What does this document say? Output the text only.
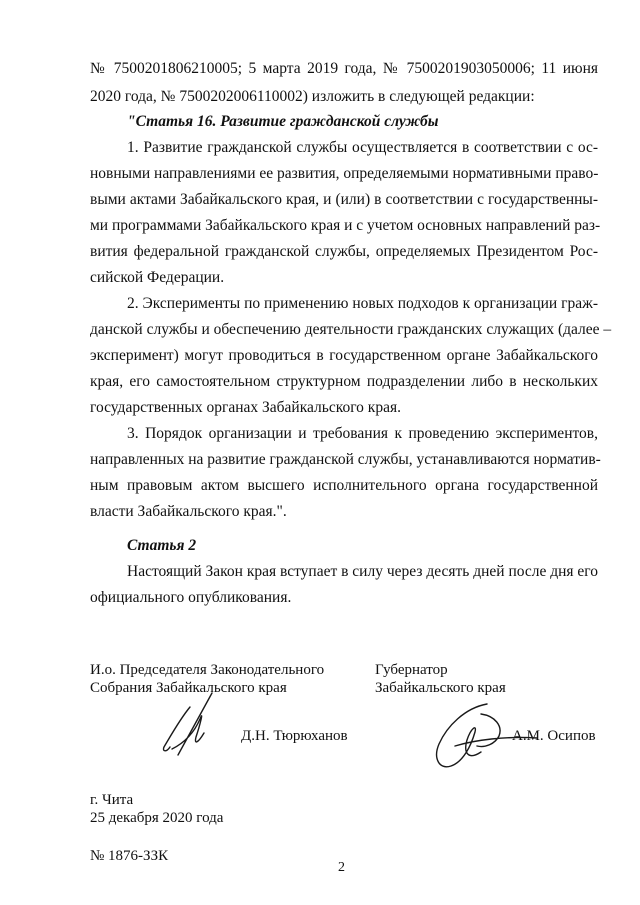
№ 7500201806210005; 5 марта 2019 года, № 7500201903050006; 11 июня
2020 года, № 7500202006110002) изложить в следующей редакции:
"Статья 16. Развитие гражданской службы
1. Развитие гражданской службы осуществляется в соответствии с ос-
новными направлениями ее развития, определяемыми нормативными право-
выми актами Забайкальского края, и (или) в соответствии с государственны-
ми программами Забайкальского края и с учетом основных направлений раз-
вития федеральной гражданской службы, определяемых Президентом Рос-
сийской Федерации.
2. Эксперименты по применению новых подходов к организации граж-
данской службы и обеспечению деятельности гражданских служащих (далее –
эксперимент) могут проводиться в государственном органе Забайкальского
края, его самостоятельном структурном подразделении либо в нескольких
государственных органах Забайкальского края.
3. Порядок организации и требования к проведению экспериментов,
направленных на развитие гражданской службы, устанавливаются норматив-
ным правовым актом высшего исполнительного органа государственной
власти Забайкальского края.".
Статья 2
Настоящий Закон края вступает в силу через десять дней после дня его
официального опубликования.
И.о. Председателя Законодательного
Собрания Забайкальского края
Д.Н. Тюрюханов
Губернатор
Забайкальского края
А.М. Осипов
г. Чита
25 декабря 2020 года
№ 1876-ЗЗК
2
